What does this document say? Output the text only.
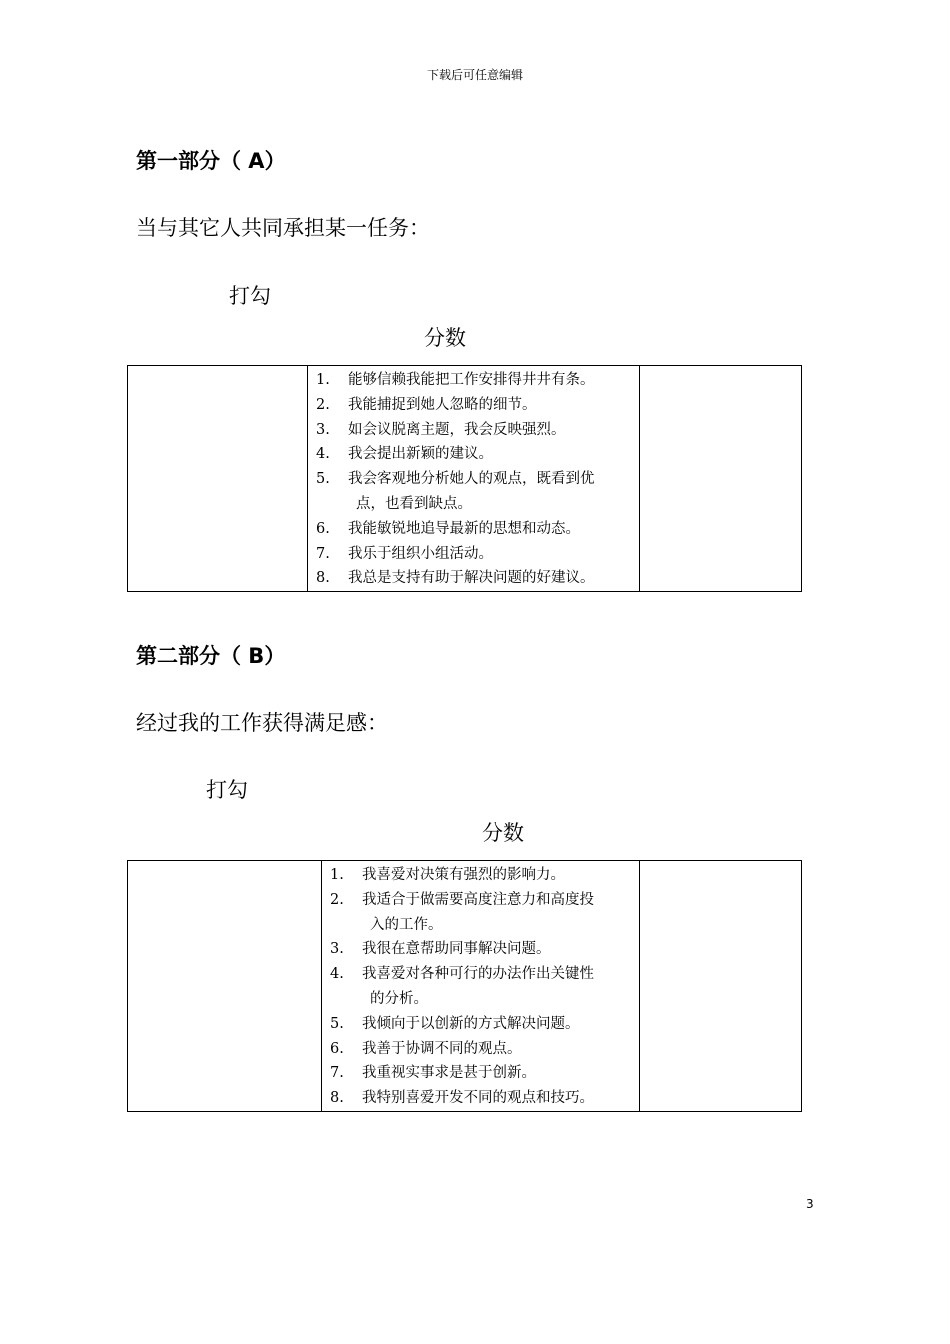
下载后可任意编辑
第一部分（ A）
当与其它人共同承担某一任务：
打勾
分数

1.	能够信赖我能把工作安排得井井有条。
2.	我能捕捉到她人忽略的细节。
3.	如会议脱离主题，我会反映强烈。
4.	我会提出新颖的建议。
5.	我会客观地分析她人的观点，既看到优
点，也看到缺点。
6.	我能敏锐地追导最新的思想和动态。
7.	我乐于组织小组活动。
8.	我总是支持有助于解决问题的好建议。

第二部分（ B）
经过我的工作获得满足感：
打勾
分数

1.	我喜爱对决策有强烈的影响力。
2.	我适合于做需要高度注意力和高度投
入的工作。
3.	我很在意帮助同事解决问题。
4.	我喜爱对各种可行的办法作出关键性
的分析。
5.	我倾向于以创新的方式解决问题。
6.	我善于协调不同的观点。
7.	我重视实事求是甚于创新。
8.	我特别喜爱开发不同的观点和技巧。

3
